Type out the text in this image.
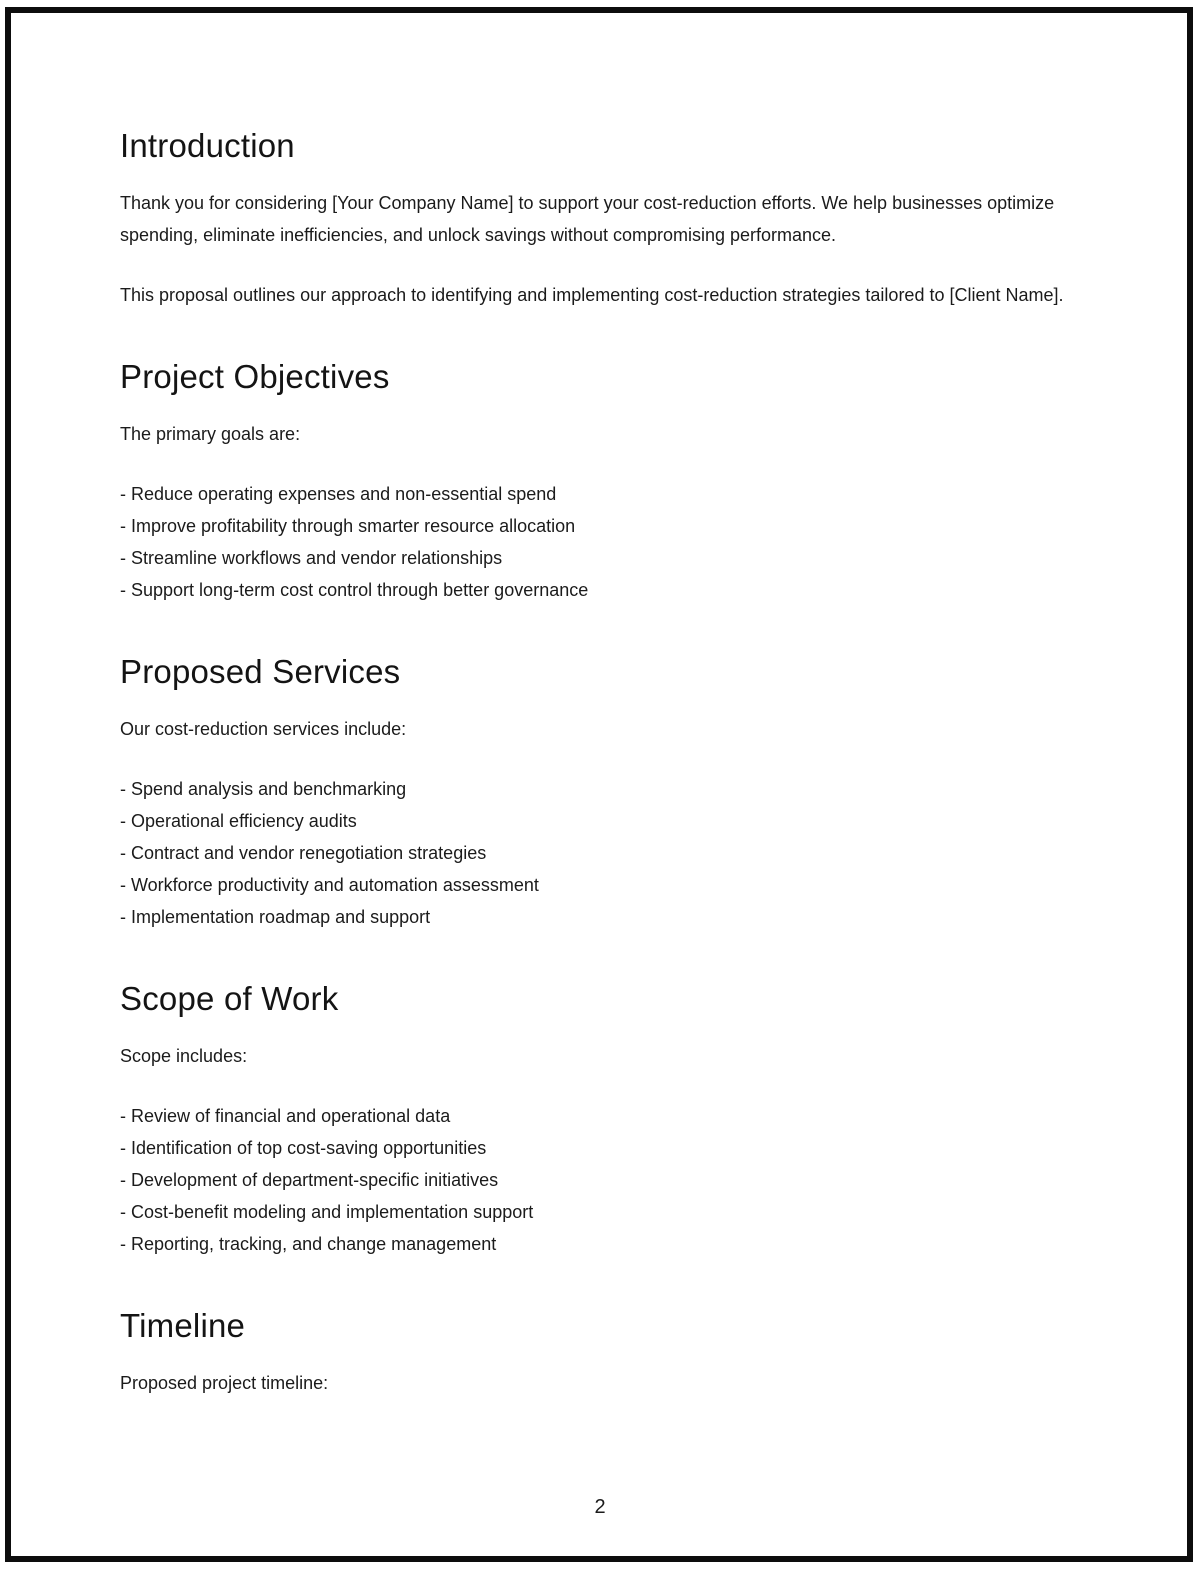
Introduction

Thank you for considering [Your Company Name] to support your cost-reduction efforts. We help businesses optimize spending, eliminate inefficiencies, and unlock savings without compromising performance.

This proposal outlines our approach to identifying and implementing cost-reduction strategies tailored to [Client Name].

Project Objectives

The primary goals are:

- Reduce operating expenses and non-essential spend
- Improve profitability through smarter resource allocation
- Streamline workflows and vendor relationships
- Support long-term cost control through better governance
Proposed Services

Our cost-reduction services include:

- Spend analysis and benchmarking
- Operational efficiency audits
- Contract and vendor renegotiation strategies
- Workforce productivity and automation assessment
- Implementation roadmap and support
Scope of Work

Scope includes:

- Review of financial and operational data
- Identification of top cost-saving opportunities
- Development of department-specific initiatives
- Cost-benefit modeling and implementation support
- Reporting, tracking, and change management
Timeline

Proposed project timeline:

2
